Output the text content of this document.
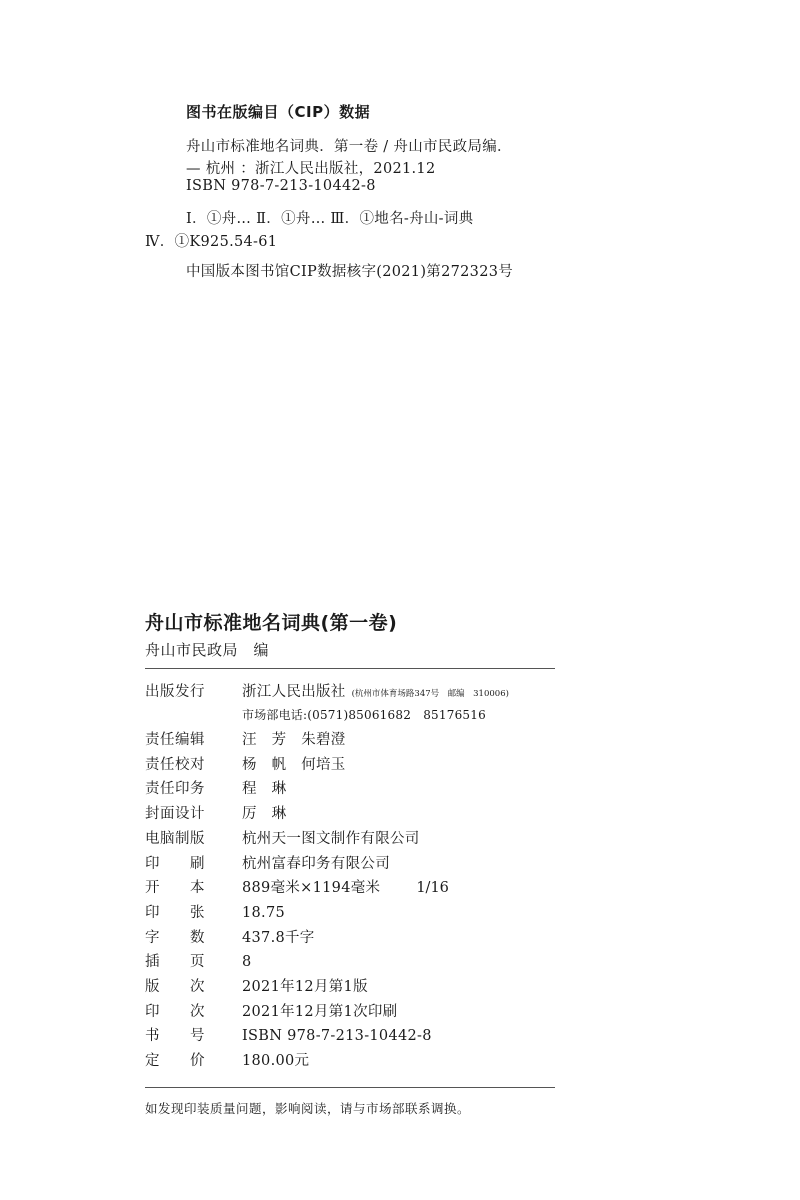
图书在版编目（CIP）数据
舟山市标准地名词典．第一卷 / 舟山市民政局编．
— 杭州 ：浙江人民出版社，2021.12
ISBN 978-7-213-10442-8
Ⅰ．①舟… Ⅱ．①舟… Ⅲ．①地名-舟山-词典
Ⅳ．①K925.54-61
中国版本图书馆CIP数据核字(2021)第272323号
舟山市标准地名词典(第一卷)
舟山市民政局　编
出版发行	浙江人民出版社 (杭州市体育场路347号　邮编　310006)
市场部电话:(0571)85061682　85176516
责任编辑	汪　芳　朱碧澄
责任校对	杨　帆　何培玉
责任印务	程　琳
封面设计	厉　琳
电脑制版	杭州天一图文制作有限公司
印 刷	杭州富春印务有限公司
开 本	889毫米×1194毫米 1/16
印 张	18.75
字 数	437.8千字
插 页	8
版 次	2021年12月第1版
印 次	2021年12月第1次印刷
书 号	ISBN 978-7-213-10442-8
定 价	180.00元
如发现印装质量问题，影响阅读，请与市场部联系调换。
